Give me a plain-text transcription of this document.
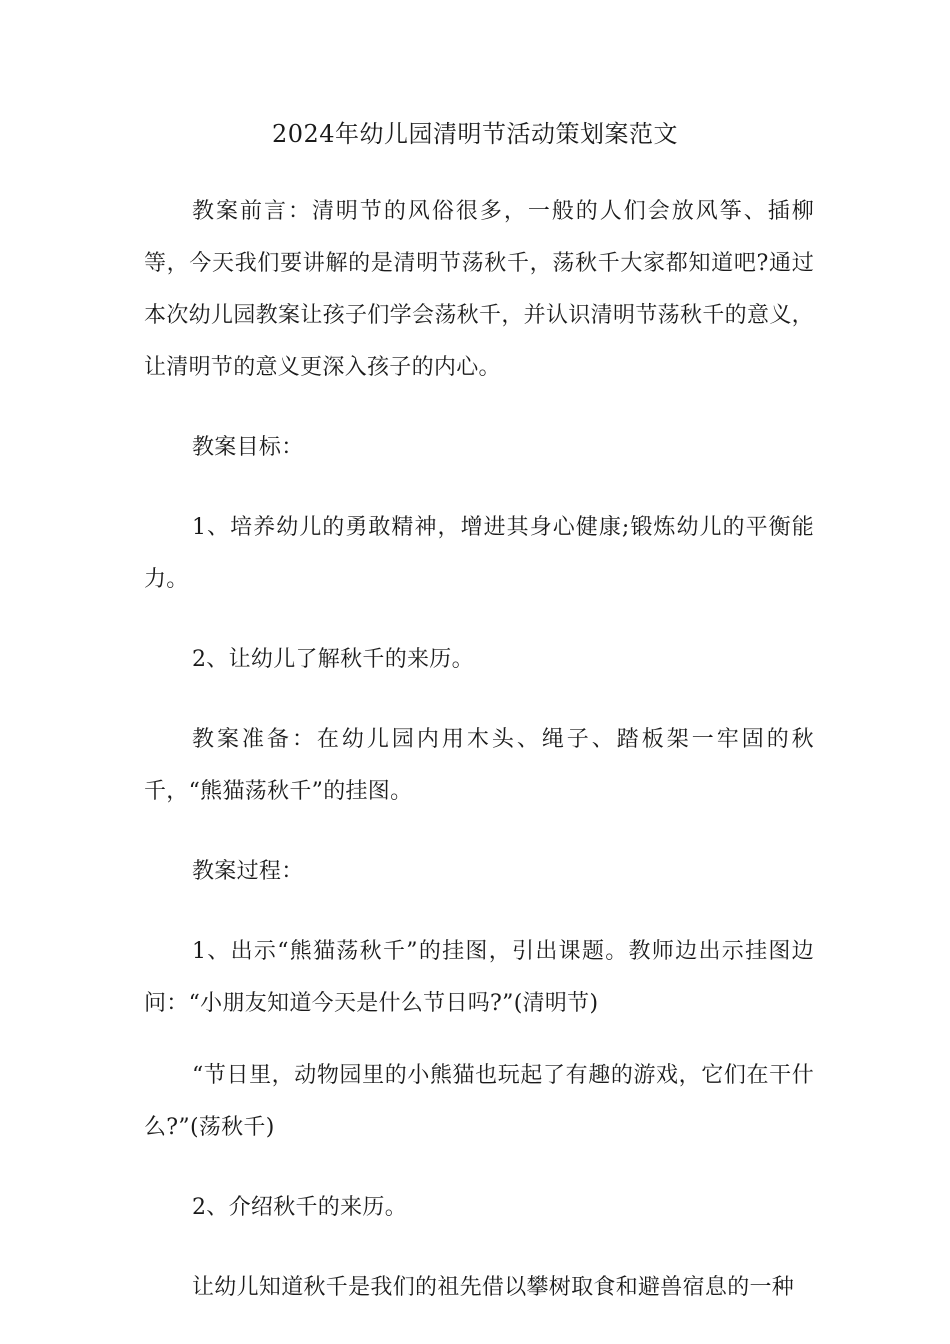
2024年幼儿园清明节活动策划案范文

教案前言：清明节的风俗很多，一般的人们会放风筝、插柳等，今天我们要讲解的是清明节荡秋千，荡秋千大家都知道吧?通过本次幼儿园教案让孩子们学会荡秋千，并认识清明节荡秋千的意义，让清明节的意义更深入孩子的内心。

教案目标：

1、培养幼儿的勇敢精神，增进其身心健康;锻炼幼儿的平衡能力。

2、让幼儿了解秋千的来历。

教案准备：在幼儿园内用木头、绳子、踏板架一牢固的秋千，“熊猫荡秋千”的挂图。

教案过程：

1、出示“熊猫荡秋千”的挂图，引出课题。教师边出示挂图边问：“小朋友知道今天是什么节日吗?”(清明节)

“节日里，动物园里的小熊猫也玩起了有趣的游戏，它们在干什么?”(荡秋千)

2、介绍秋千的来历。

让幼儿知道秋千是我们的祖先借以攀树取食和避兽宿息的一种
